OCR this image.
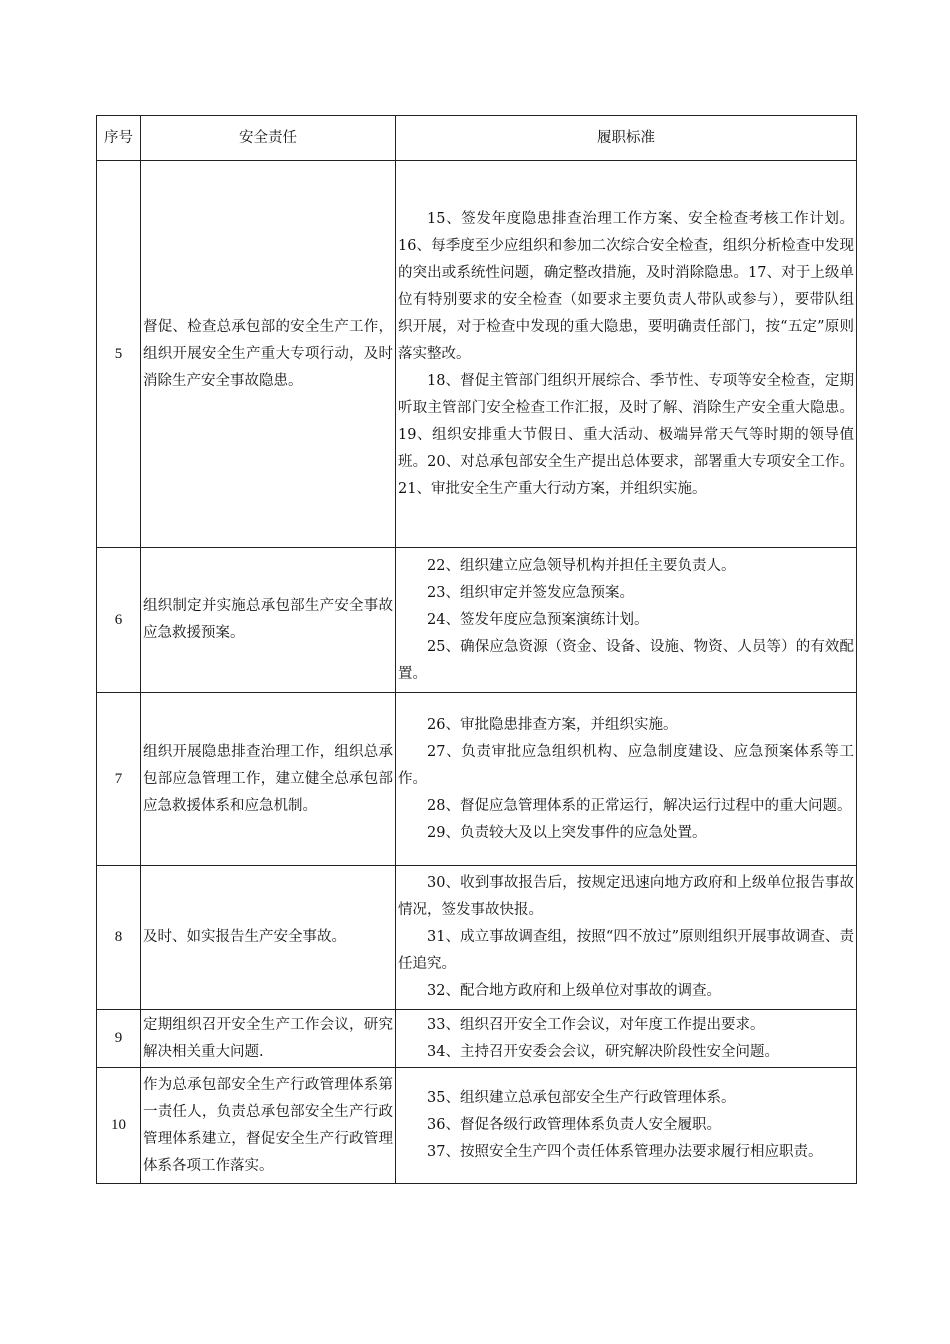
序号	安全责任	履职标准
5	督促、检查总承包部的安全生产工作，组织开展安全生产重大专项行动，及时消除生产安全事故隐患。	15、签发年度隐患排查治理工作方案、安全检查考核工作计划。16、每季度至少应组织和参加二次综合安全检查，组织分析检查中发现的突出或系统性问题，确定整改措施，及时消除隐患。17、对于上级单位有特别要求的安全检查（如要求主要负责人带队或参与），要带队组织开展，对于检查中发现的重大隐患，要明确责任部门，按“五定”原则落实整改。
18、督促主管部门组织开展综合、季节性、专项等安全检查，定期听取主管部门安全检查工作汇报，及时了解、消除生产安全重大隐患。19、组织安排重大节假日、重大活动、极端异常天气等时期的领导值班。20、对总承包部安全生产提出总体要求，部署重大专项安全工作。21、审批安全生产重大行动方案，并组织实施。

6	组织制定并实施总承包部生产安全事故应急救援预案。	22、组织建立应急领导机构并担任主要负责人。
23、组织审定并签发应急预案。
24、签发年度应急预案演练计划。
25、确保应急资源（资金、设备、设施、物资、人员等）的有效配置。

7	组织开展隐患排查治理工作，组织总承包部应急管理工作，建立健全总承包部应急救援体系和应急机制。	26、审批隐患排查方案，并组织实施。
27、负责审批应急组织机构、应急制度建设、应急预案体系等工作。
28、督促应急管理体系的正常运行，解决运行过程中的重大问题。
29、负责较大及以上突发事件的应急处置。

8	及时、如实报告生产安全事故。	30、收到事故报告后，按规定迅速向地方政府和上级单位报告事故情况，签发事故快报。
31、成立事故调查组，按照“四不放过”原则组织开展事故调查、责任追究。
32、配合地方政府和上级单位对事故的调查。

9	定期组织召开安全生产工作会议，研究解决相关重大问题.	33、组织召开安全工作会议，对年度工作提出要求。
34、主持召开安委会会议，研究解决阶段性安全问题。

10	作为总承包部安全生产行政管理体系第一责任人，负责总承包部安全生产行政管理体系建立，督促安全生产行政管理体系各项工作落实。	35、组织建立总承包部安全生产行政管理体系。
36、督促各级行政管理体系负责人安全履职。
37、按照安全生产四个责任体系管理办法要求履行相应职责。
